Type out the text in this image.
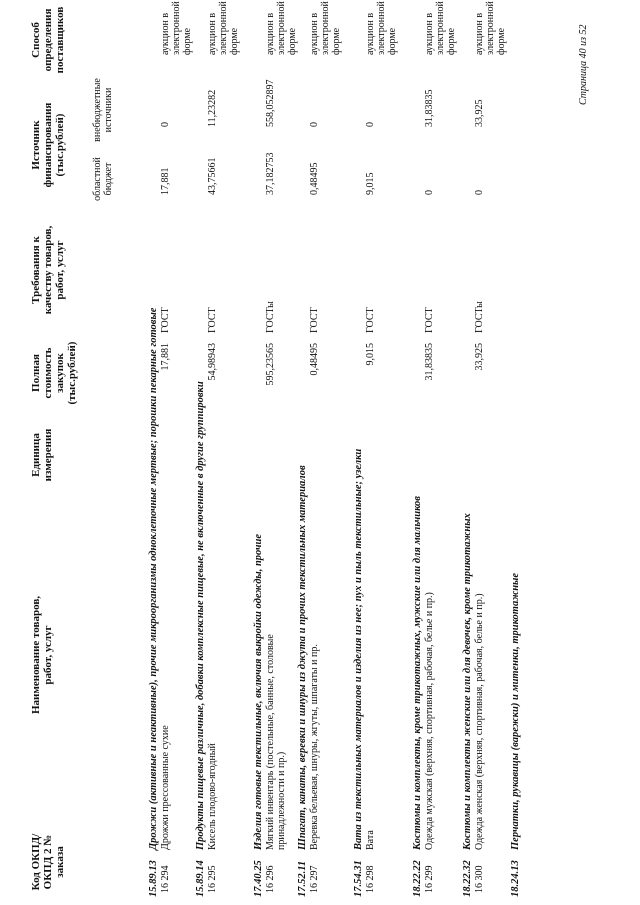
Код ОКПД/ ОКПД 2 № заказа
Наименование товаров, работ, услуг
Единица измерения
Полная стоимость закупок (тыс.рублей)
Требования к качеству товаров, работ, услуг
Источник финансирования (тыс.рублей)
областной бюджет
внебюджетные источники
Способ определения поставщиков	Страница 40 из 52
15.89.13
Дрожжи (активные и неактивные), прочие микроорганизмы одноклеточные мертвые; порошки пекарные готовые
16 294
Дрожжи прессованные сухие
17,881
ГОСТ
17,881
0
аукцион в электронной форме
15.89.14
Продукты пищевые различные, добавки комплексные пищевые, не включенные в другие группировки
16 295
Кисель плодово-ягодный
54,98943
ГОСТ
43,75661
11,23282
аукцион в электронной форме
17.40.25
Изделия готовые текстильные, включая выкройки одежды, прочие
16 296
Мягкий инвентарь (постельные, банные, столовые принадлежности и пр.)
595,23565
ГОСТы
37,182753
558,052897
аукцион в электронной форме
17.52.11
Шпагат, канаты, веревки и шнуры из джута и прочих текстильных материалов
16 297
Веревка бельевая, шнуры, жгуты, шпагаты и пр.
0,48495
ГОСТ
0,48495
0
аукцион в электронной форме
17.54.31
Вата из текстильных материалов и изделия из нее; пух и пыль текстильные; узелки
16 298
Вата
9,015
ГОСТ
9,015
0
аукцион в электронной форме
18.22.22
Костюмы и комплекты, кроме трикотажных, мужские или для мальчиков
16 299
Одежда мужская (верхняя, спортивная, рабочая, белье и пр.)
31,83835
ГОСТ
0
31,83835
аукцион в электронной форме
18.22.32
Костюмы и комплекты женские или для девочек, кроме трикотажных
16 300
Одежда женская (верхняя, спортивная, рабочая, белье и пр.)
33,925
ГОСТы
0
33,925
аукцион в электронной форме
18.24.13
Перчатки, рукавицы (варежки) и митенки, трикотажные
